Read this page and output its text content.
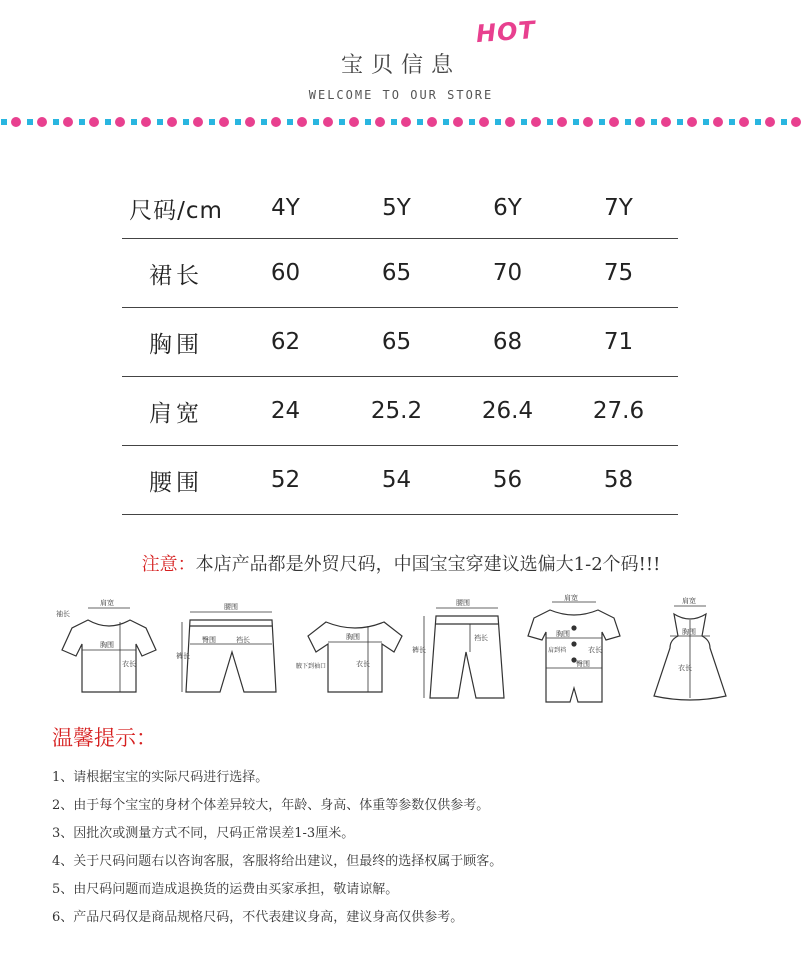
宝贝信息
HOT
WELCOME TO OUR STORE
尺码/cm	4Y	5Y	6Y	7Y
裙长	60	65	70	75
胸围	62	65	68	71
肩宽	24	25.2	26.4	27.6
腰围	52	54	56	58
注意：本店产品都是外贸尺码，中国宝宝穿建议选偏大1-2个码!!!
肩宽
袖长
胸围
衣长
腰围
臀围
裤长
裆长	胸围
腋下到袖口	衣长
腰围
裤长
裆长
肩宽
胸围
臀围
衣长
肩到裆
肩宽
胸围
衣长
温馨提示：
1、请根据宝宝的实际尺码进行选择。
2、由于每个宝宝的身材个体差异较大，年龄、身高、体重等参数仅供参考。
3、因批次或测量方式不同，尺码正常误差1-3厘米。
4、关于尺码问题右以咨询客服，客服将给出建议，但最终的选择权属于顾客。
5、由尺码问题而造成退换货的运费由买家承担，敬请谅解。
6、产品尺码仅是商品规格尺码，不代表建议身高，建议身高仅供参考。
